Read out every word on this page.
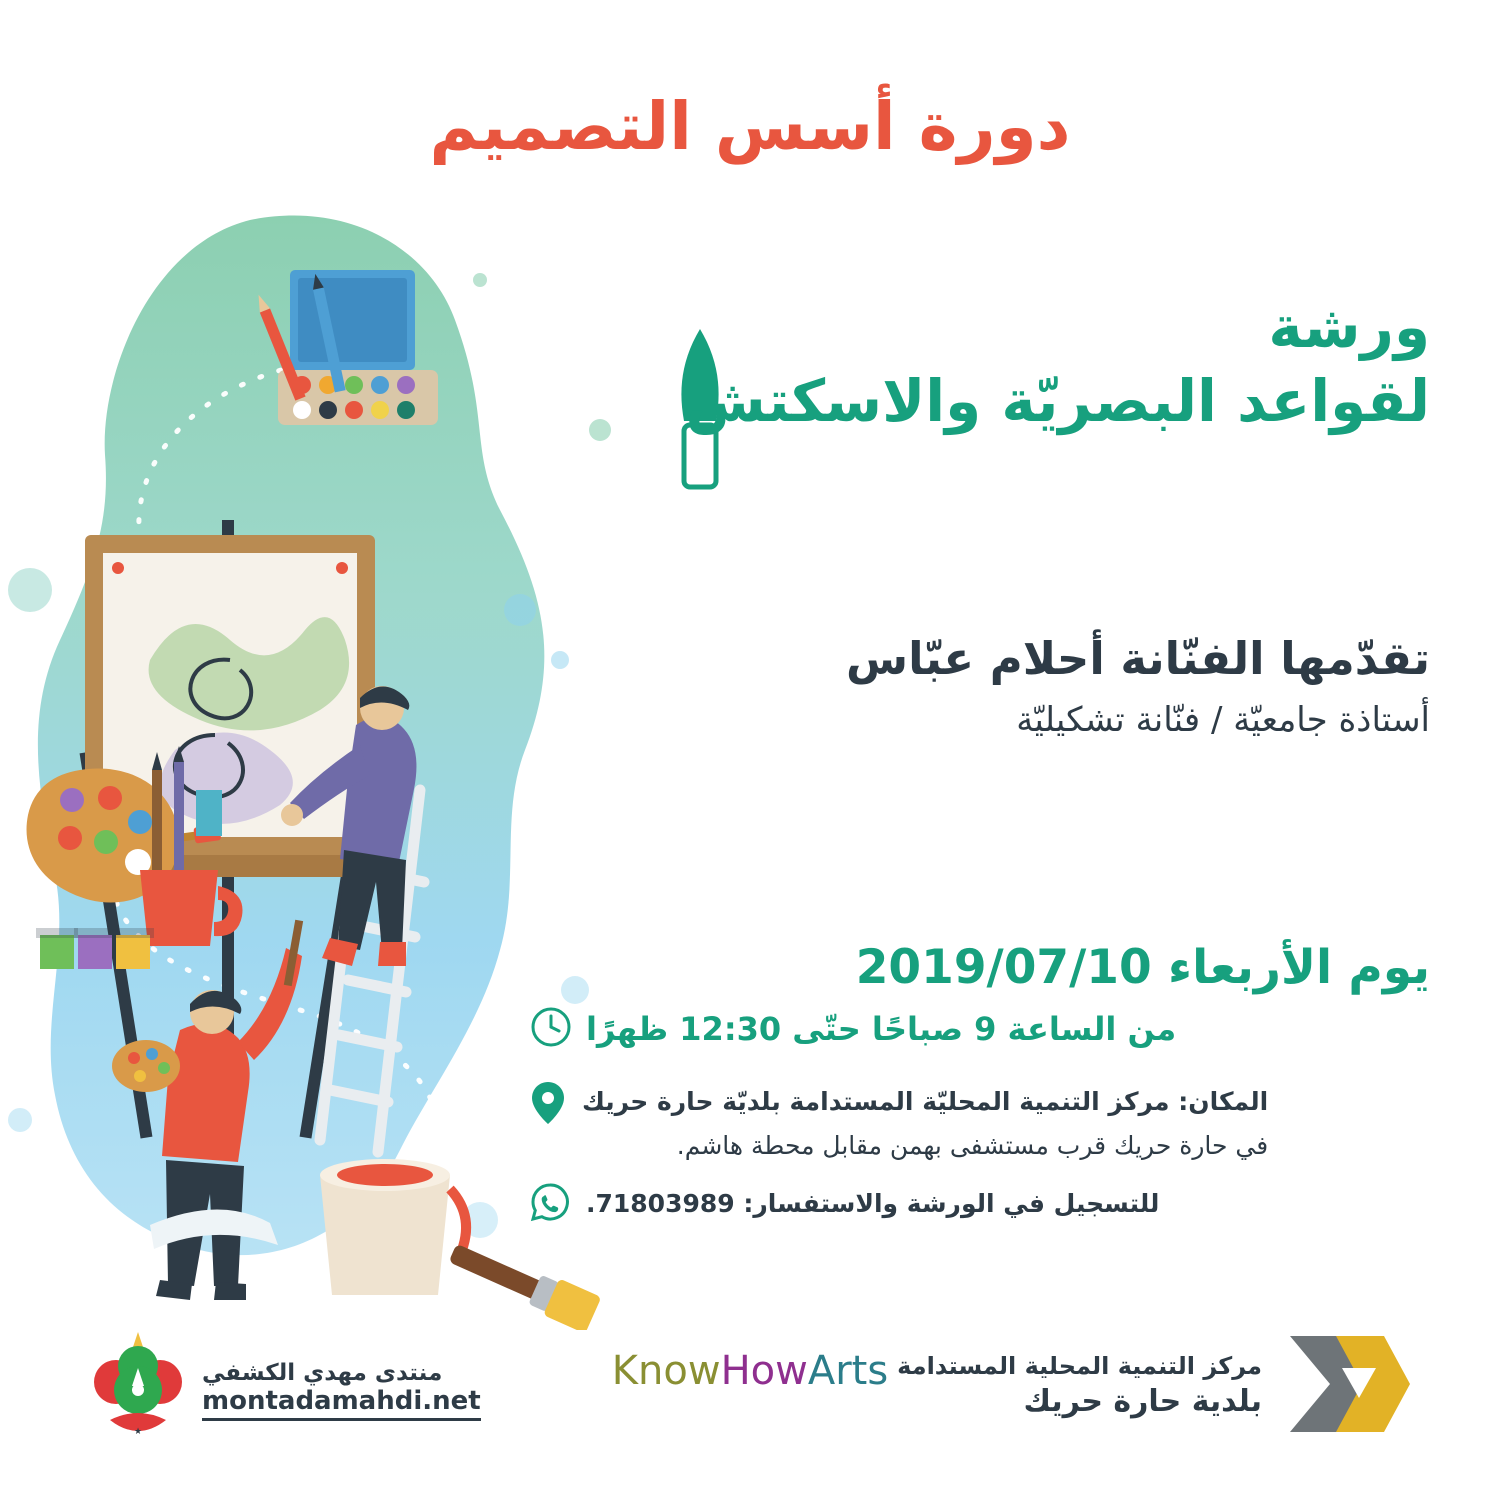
دورة أسس التصميم
ورشة
لقواعد البصريّة والاسكتش
تقدّمها الفنّانة أحلام عبّاس
أستاذة جامعيّة / فنّانة تشكيليّة
يوم الأربعاء 2019/07/10
من الساعة 9 صباحًا حتّى 12:30 ظهرًا
المكان: مركز التنمية المحليّة المستدامة بلديّة حارة حريك
في حارة حريك قرب مستشفى بهمن مقابل محطة هاشم.
للتسجيل في الورشة والاستفسار: 71803989.
مركز التنمية المحلية المستدامة
بلدية حارة حريك
KnowHowArts
منتدى مهدي الكشفي
montadamahdi.net
★
